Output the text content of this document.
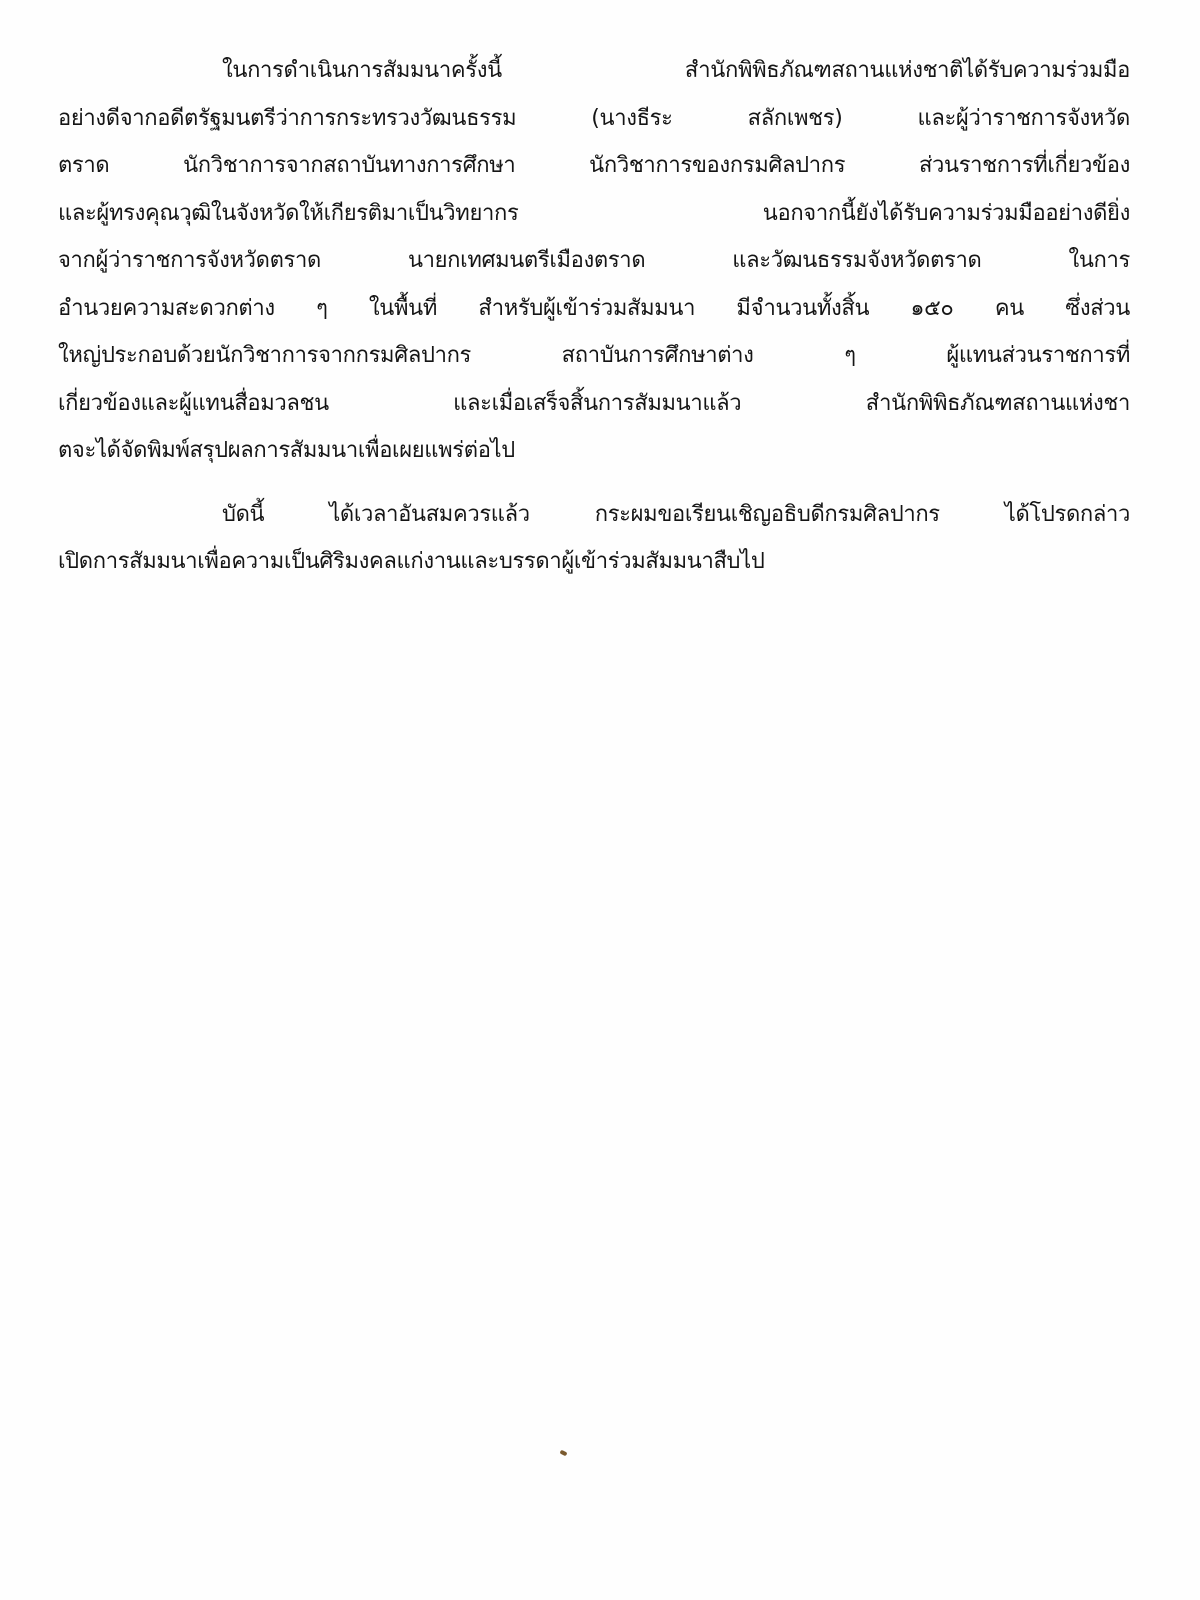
ในการดำเนินการสัมมนาครั้งนี้ สำนักพิพิธภัณฑสถานแห่งชาติได้รับความร่วมมือ
อย่างดีจากอดีตรัฐมนตรีว่าการกระทรวงวัฒนธรรม (นางธีระ สลักเพชร) และผู้ว่าราชการจังหวัด
ตราด นักวิชาการจากสถาบันทางการศึกษา นักวิชาการของกรมศิลปากร ส่วนราชการที่เกี่ยวข้อง
และผู้ทรงคุณวุฒิในจังหวัดให้เกียรติมาเป็นวิทยากร นอกจากนี้ยังได้รับความร่วมมืออย่างดียิ่ง
จากผู้ว่าราชการจังหวัดตราด นายกเทศมนตรีเมืองตราด และวัฒนธรรมจังหวัดตราด ในการ
อำนวยความสะดวกต่าง ๆ ในพื้นที่ สำหรับผู้เข้าร่วมสัมมนา มีจำนวนทั้งสิ้น ๑๕๐ คน ซึ่งส่วน
ใหญ่ประกอบด้วยนักวิชาการจากกรมศิลปากร สถาบันการศึกษาต่าง ๆ ผู้แทนส่วนราชการที่
เกี่ยวข้องและผู้แทนสื่อมวลชน และเมื่อเสร็จสิ้นการสัมมนาแล้ว สำนักพิพิธภัณฑสถานแห่งชา
ตจะได้จัดพิมพ์สรุปผลการสัมมนาเพื่อเผยแพร่ต่อไป
บัดนี้ ได้เวลาอันสมควรแล้ว กระผมขอเรียนเชิญอธิบดีกรมศิลปากร ได้โปรดกล่าว
เปิดการสัมมนาเพื่อความเป็นศิริมงคลแก่งานและบรรดาผู้เข้าร่วมสัมมนาสืบไป
